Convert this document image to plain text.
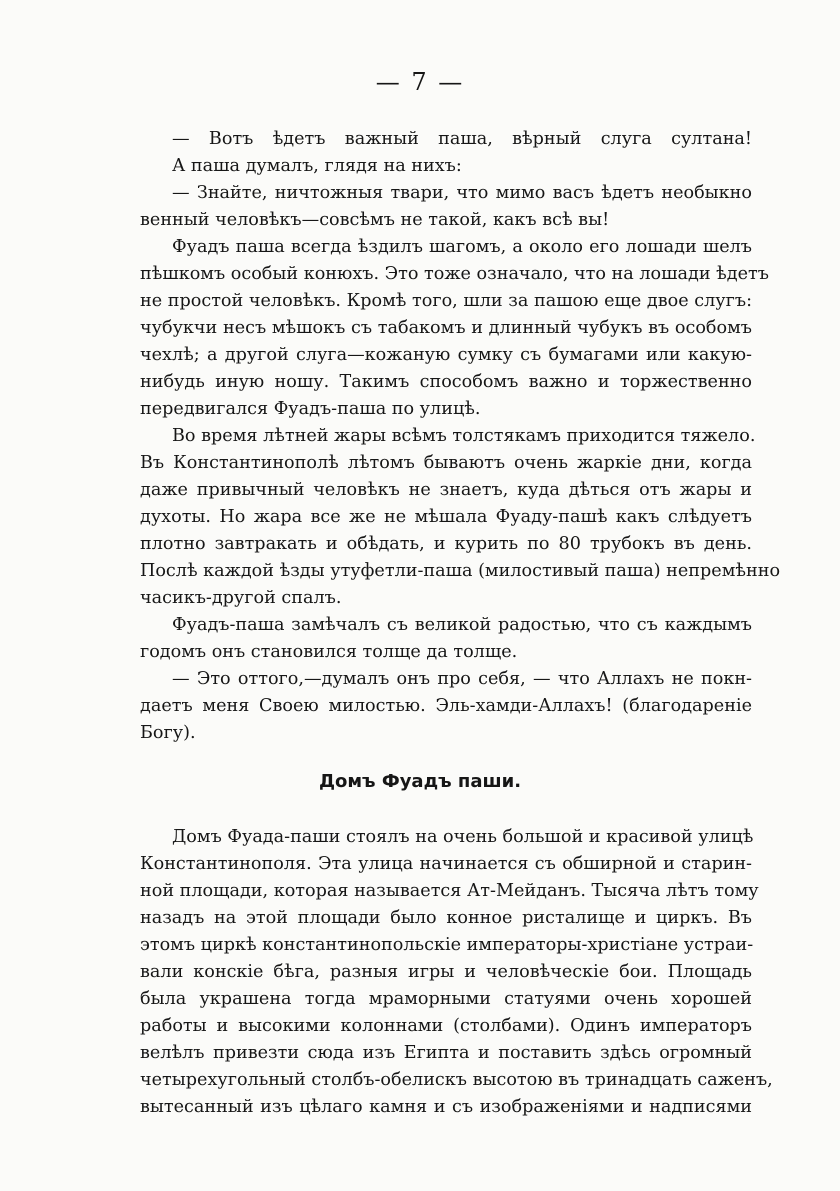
— 7 —
— Вотъ ѣдетъ важный паша, вѣрный слуга султана!
А паша думалъ, глядя на нихъ:
— Знайте, ничтожныя твари, что мимо васъ ѣдетъ необыкно
венный человѣкъ—совсѣмъ не такой, какъ всѣ вы!
Фуадъ паша всегда ѣздилъ шагомъ, а около его лошади шелъ
пѣшкомъ особый конюхъ. Это тоже означало, что на лошади ѣдетъ
не простой человѣкъ. Кромѣ того, шли за пашою еще двое слугъ:
чубукчи несъ мѣшокъ съ табакомъ и длинный чубукъ въ особомъ
чехлѣ; а другой слуга—кожаную сумку съ бумагами или какую-
нибудь иную ношу. Такимъ способомъ важно и торжественно
передвигался Фуадъ-паша по улицѣ.
Во время лѣтней жары всѣмъ толстякамъ приходится тяжело.
Въ Константинополѣ лѣтомъ бываютъ очень жаркіе дни, когда
даже привычный человѣкъ не знаетъ, куда дѣться отъ жары и
духоты. Но жара все же не мѣшала Фуаду-пашѣ какъ слѣдуетъ
плотно завтракать и обѣдать, и курить по 80 трубокъ въ день.
Послѣ каждой ѣзды утуфетли-паша (милостивый паша) непремѣнно
часикъ-другой спалъ.
Фуадъ-паша замѣчалъ съ великой радостью, что съ каждымъ
годомъ онъ становился толще да толще.
— Это оттого,—думалъ онъ про себя, — что Аллахъ не покн-
даетъ меня Своею милостью. Эль-хамди-Аллахъ! (благодареніе
Богу).
Домъ Фуадъ паши.
Домъ Фуада-паши стоялъ на очень большой и красивой улицѣ
Константинополя. Эта улица начинается съ обширной и старин-
ной площади, которая называется Ат-Мейданъ. Тысяча лѣтъ тому
назадъ на этой площади было конное ристалище и циркъ. Въ
этомъ циркѣ константинопольскіе императоры-христіане устраи-
вали конскіе бѣга, разныя игры и человѣческіе бои. Площадь
была украшена тогда мраморными статуями очень хорошей
работы и высокими колоннами (столбами). Одинъ императоръ
велѣлъ привезти сюда изъ Египта и поставить здѣсь огромный
четырехугольный столбъ-обелискъ высотою въ тринадцать саженъ,
вытесанный изъ цѣлаго камня и съ изображеніями и надписями
